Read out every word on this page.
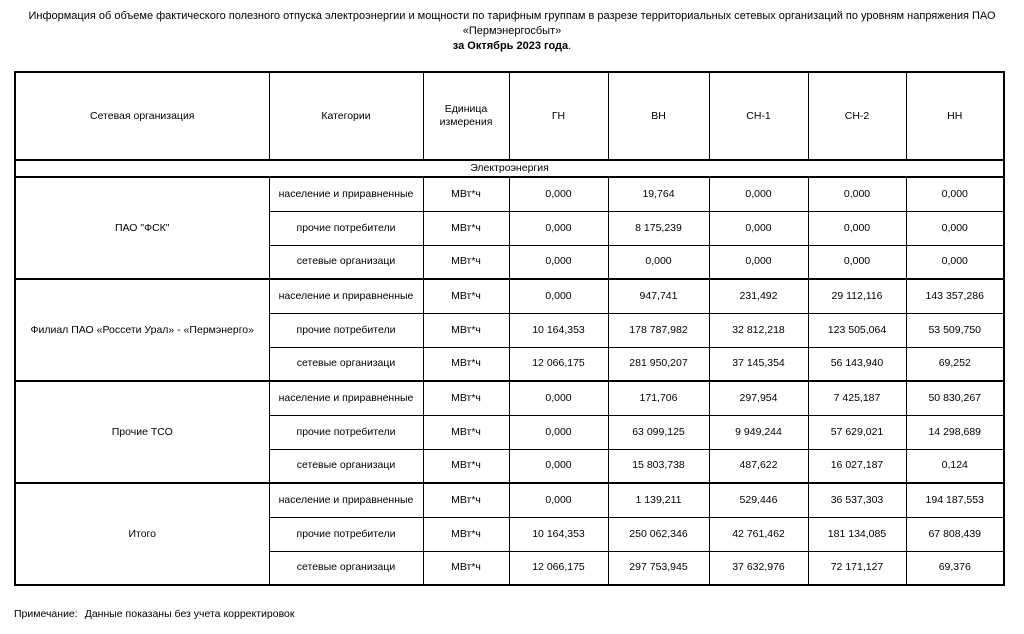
Информация об объеме фактического полезного отпуска электроэнергии и мощности по тарифным группам в разрезе территориальных сетевых организаций по уровням напряжения ПАО «Пермэнергосбыт»
за Октябрь 2023 года.
Сетевая организация	Категории	Единица измерения	ГН	ВН	СН-1	СН-2	НН
Электроэнергия							
ПАО "ФСК"	население и приравненные	МВт*ч	0,000	19,764	0,000	0,000	0,000
	прочие потребители	МВт*ч	0,000	8 175,239	0,000	0,000	0,000
	сетевые организаци	МВт*ч	0,000	0,000	0,000	0,000	0,000
Филиал ПАО «Россети Урал» - «Пермэнерго»	население и приравненные	МВт*ч	0,000	947,741	231,492	29 112,116	143 357,286
	прочие потребители	МВт*ч	10 164,353	178 787,982	32 812,218	123 505,064	53 509,750
	сетевые организаци	МВт*ч	12 066,175	281 950,207	37 145,354	56 143,940	69,252
Прочие ТСО	население и приравненные	МВт*ч	0,000	171,706	297,954	7 425,187	50 830,267
	прочие потребители	МВт*ч	0,000	63 099,125	9 949,244	57 629,021	14 298,689
	сетевые организаци	МВт*ч	0,000	15 803,738	487,622	16 027,187	0,124
Итого	население и приравненные	МВт*ч	0,000	1 139,211	529,446	36 537,303	194 187,553
	прочие потребители	МВт*ч	10 164,353	250 062,346	42 761,462	181 134,085	67 808,439
	сетевые организаци	МВт*ч	12 066,175	297 753,945	37 632,976	72 171,127	69,376
Примечание: Данные показаны без учета корректировок
